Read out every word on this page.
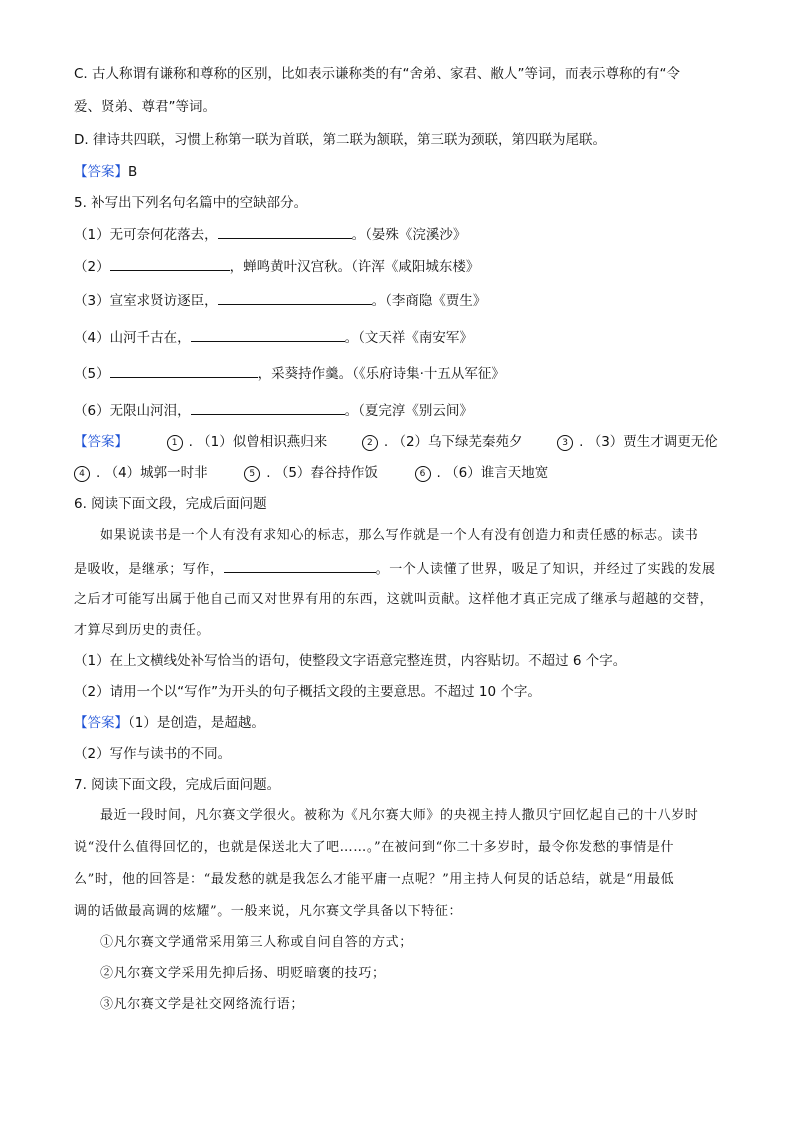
C. 古人称谓有谦称和尊称的区别，比如表示谦称类的有“舍弟、家君、敝人”等词，而表示尊称的有“令
爱、贤弟、尊君”等词。
D. 律诗共四联，习惯上称第一联为首联，第二联为颔联，第三联为颈联，第四联为尾联。
【答案】B
5. 补写出下列名句名篇中的空缺部分。
（1）无可奈何花落去，	。（晏殊《浣溪沙》
（2）	，蝉鸣黄叶汉宫秋。（许浑《咸阳城东楼》
（3）宣室求贤访逐臣，	。（李商隐《贾生》
（4）山河千古在，	。（文天祥《南安军》
（5）	，采葵持作羹。（《乐府诗集·十五从军征》
（6）无限山河泪，	。（夏完淳《别云间》
【答案】	1 . （1）似曾相识燕归来	2 . （2）乌下绿芜秦苑夕	3 . （3）贾生才调更无伦
4 . （4）城郭一时非	5 . （5）舂谷持作饭	6 . （6）谁言天地宽
6. 阅读下面文段，完成后面问题
如果说读书是一个人有没有求知心的标志，那么写作就是一个人有没有创造力和责任感的标志。读书
是吸收，是继承；写作，	。一个人读懂了世界，吸足了知识，并经过了实践的发展
之后才可能写出属于他自己而又对世界有用的东西，这就叫贡献。这样他才真正完成了继承与超越的交替，
才算尽到历史的责任。
（1）在上文横线处补写恰当的语句，使整段文字语意完整连贯，内容贴切。不超过 6 个字。
（2）请用一个以“写作”为开头的句子概括文段的主要意思。不超过 10 个字。
【答案】（1）是创造，是超越。
（2）写作与读书的不同。
7. 阅读下面文段，完成后面问题。
最近一段时间，凡尔赛文学很火。被称为《凡尔赛大师》的央视主持人撒贝宁回忆起自己的十八岁时
说“没什么值得回忆的，也就是保送北大了吧……。”在被问到“你二十多岁时，最令你发愁的事情是什
么”时，他的回答是：“最发愁的就是我怎么才能平庸一点呢？”用主持人何炅的话总结，就是“用最低
调的话做最高调的炫耀”。一般来说，凡尔赛文学具备以下特征：
①凡尔赛文学通常采用第三人称或自问自答的方式；
②凡尔赛文学采用先抑后扬、明贬暗褒的技巧；
③凡尔赛文学是社交网络流行语；
